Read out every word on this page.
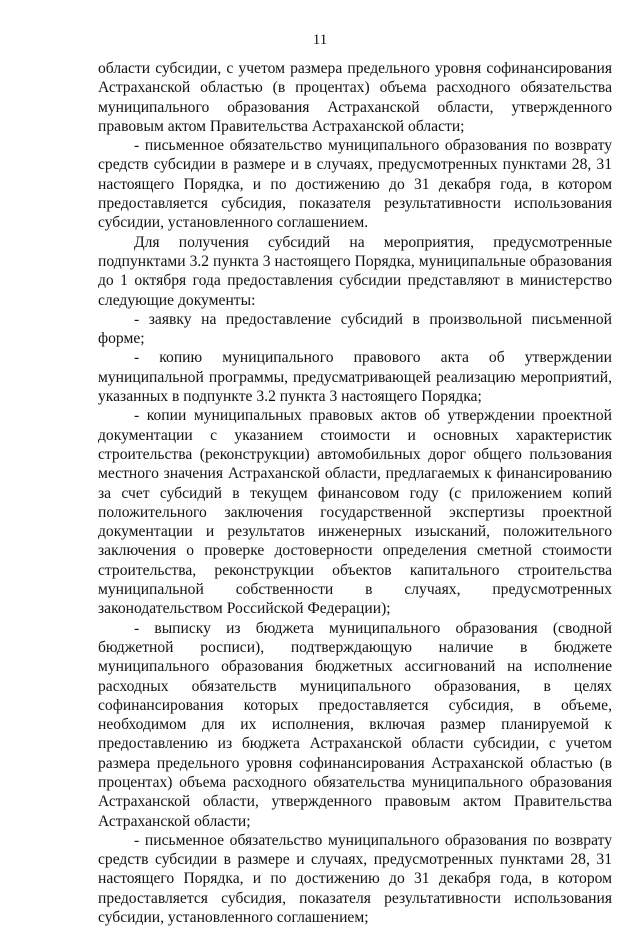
11

области субсидии, с учетом размера предельного уровня софинансирования Астраханской областью (в процентах) объема расходного обязательства муниципального образования Астраханской области, утвержденного правовым актом Правительства Астраханской области;

- письменное обязательство муниципального образования по возврату средств субсидии в размере и в случаях, предусмотренных пунктами 28, 31 настоящего Порядка, и по достижению до 31 декабря года, в котором предоставляется субсидия, показателя результативности использования субсидии, установленного соглашением.

Для получения субсидий на мероприятия, предусмотренные подпунктами 3.2 пункта 3 настоящего Порядка, муниципальные образования до 1 октября года предоставления субсидии представляют в министерство следующие документы:

- заявку на предоставление субсидий в произвольной письменной форме;

- копию муниципального правового акта об утверждении муниципальной программы, предусматривающей реализацию мероприятий, указанных в подпункте 3.2 пункта 3 настоящего Порядка;

- копии муниципальных правовых актов об утверждении проектной документации с указанием стоимости и основных характеристик строительства (реконструкции) автомобильных дорог общего пользования местного значения Астраханской области, предлагаемых к финансированию за счет субсидий в текущем финансовом году (с приложением копий положительного заключения государственной экспертизы проектной документации и результатов инженерных изысканий, положительного заключения о проверке достоверности определения сметной стоимости строительства, реконструкции объектов капитального строительства муниципальной собственности в случаях, предусмотренных законодательством Российской Федерации);

- выписку из бюджета муниципального образования (сводной бюджетной росписи), подтверждающую наличие в бюджете муниципального образования бюджетных ассигнований на исполнение расходных обязательств муниципального образования, в целях софинансирования которых предоставляется субсидия, в объеме, необходимом для их исполнения, включая размер планируемой к предоставлению из бюджета Астраханской области субсидии, с учетом размера предельного уровня софинансирования Астраханской областью (в процентах) объема расходного обязательства муниципального образования Астраханской области, утвержденного правовым актом Правительства Астраханской области;

- письменное обязательство муниципального образования по возврату средств субсидии в размере и случаях, предусмотренных пунктами 28, 31 настоящего Порядка, и по достижению до 31 декабря года, в котором предоставляется субсидия, показателя результативности использования субсидии, установленного соглашением;
